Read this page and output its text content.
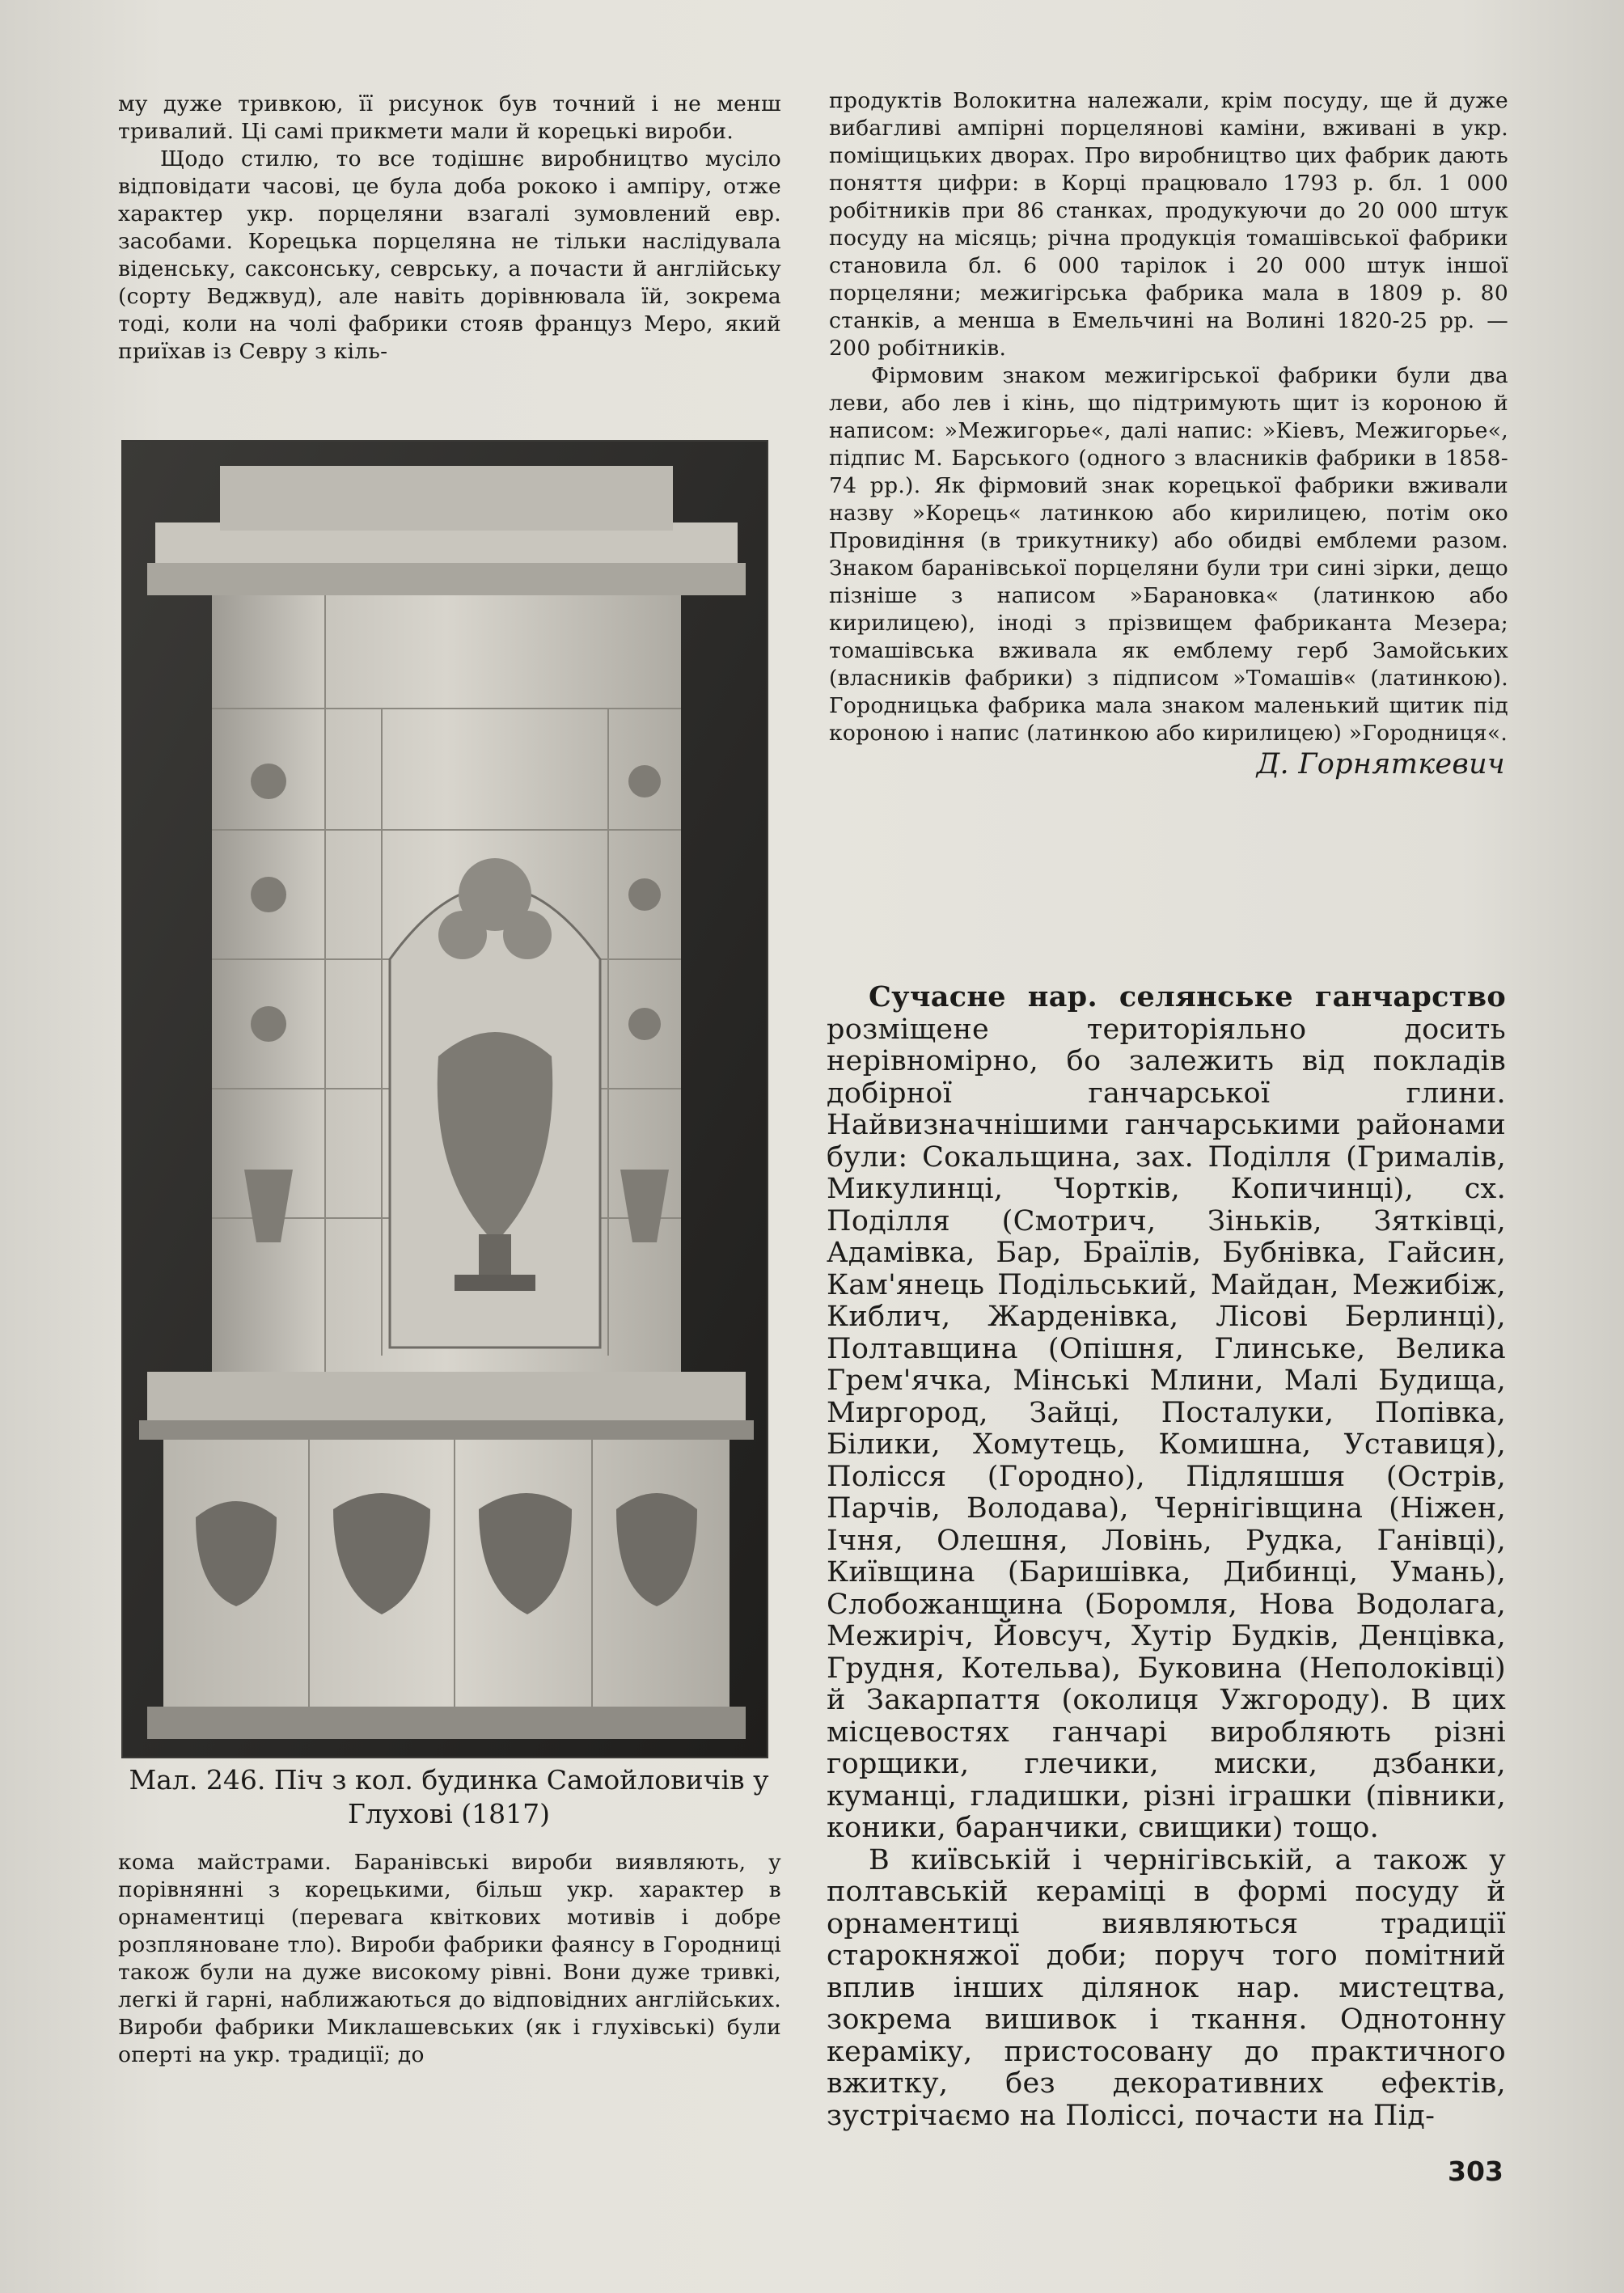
му дуже тривкою, її рисунок був точний і не менш тривалий. Ці самі прикмети мали й корецькі вироби.

Щодо стилю, то все тодішнє виробництво мусіло відповідати часові, це була доба рококо і ампіру, отже характер укр. порцеляни взагалі зумовлений евр. засобами. Корецька порцеляна не тільки наслідувала віденську, саксонську, севрську, а почасти й англійську (сорту Веджвуд), але навіть дорівнювала їй, зокрема тоді, коли на чолі фабрики стояв француз Меро, який приїхав із Севру з кіль-

Мал. 246. Піч з кол. будинка Самойловичів у Глухові (1817)

кома майстрами. Баранівські вироби виявляють, у порівнянні з корецькими, більш укр. характер в орнаментиці (перевага квіткових мотивів і добре розпляноване тло). Вироби фабрики фаянсу в Городниці також були на дуже високому рівні. Вони дуже тривкі, легкі й гарні, наближаються до відповідних англійських. Вироби фабрики Миклашевських (як і глухівські) були оперті на укр. традиції; до

продуктів Волокитна належали, крім посуду, ще й дуже вибагливі ампірні порцелянові каміни, вживані в укр. поміщицьких дворах. Про виробництво цих фабрик дають поняття цифри: в Корці працювало 1793 р. бл. 1 000 робітників при 86 станках, продукуючи до 20 000 штук посуду на місяць; річна продукція томашівської фабрики становила бл. 6 000 тарілок і 20 000 штук іншої порцеляни; межигірська фабрика мала в 1809 р. 80 станків, а менша в Емельчині на Волині 1820-25 рр. — 200 робітників.

Фірмовим знаком межигірської фабрики були два леви, або лев і кінь, що підтримують щит із короною й написом: »Межигорье«, далі напис: »Кіевъ, Межигорье«, підпис М. Барського (одного з власників фабрики в 1858-74 рр.). Як фірмовий знак корецької фабрики вживали назву »Корець« латинкою або кирилицею, потім око Провидіння (в трикутнику) або обидві емблеми разом. Знаком баранівської порцеляни були три сині зірки, дещо пізніше з написом »Барановка« (латинкою або кирилицею), іноді з прізвищем фабриканта Мезера; томашівська вживала як емблему герб Замойських (власників фабрики) з підписом »Томашів« (латинкою). Городницька фабрика мала знаком маленький щитик під короною і напис (латинкою або кирилицею) »Городниця«.

Д. Горняткевич

Сучасне нар. селянське ганчарство розміщене територіяльно досить нерівномірно, бо залежить від покладів добірної ганчарської глини. Найвизначнішими ганчарськими районами були: Сокальщина, зах. Поділля (Грималів, Микулинці, Чортків, Копичинці), сх. Поділля (Смотрич, Зіньків, Зятківці, Адамівка, Бар, Браїлів, Бубнівка, Гайсин, Кам'янець Подільський, Майдан, Межибіж, Киблич, Жарденівка, Лісові Берлинці), Полтавщина (Опішня, Глинське, Велика Грем'ячка, Мінські Млини, Малі Будища, Миргород, Зайці, Посталуки, Попівка, Білики, Хомутець, Комишна, Уставиця), Полісся (Городно), Підляшшя (Острів, Парчів, Володава), Чернігівщина (Ніжен, Ічня, Олешня, Ловінь, Рудка, Ганівці), Київщина (Баришівка, Дибинці, Умань), Слобожанщина (Боромля, Нова Водолага, Межиріч, Йовсуч, Хутір Будків, Денцівка, Грудня, Котельва), Буковина (Неполоківці) й Закарпаття (околиця Ужгороду). В цих місцевостях ганчарі виробляють різні горщики, глечики, миски, дзбанки, куманці, гладишки, різні іграшки (півники, коники, баранчики, свищики) тощо.

В київській і чернігівській, а також у полтавській кераміці в формі посуду й орнаментиці виявляються традиції старокняжої доби; поруч того помітний вплив інших ділянок нар. мистецтва, зокрема вишивок і ткання. Однотонну кераміку, пристосовану до практичного вжитку, без декоративних ефектів, зустрічаємо на Поліссі, почасти на Під-

303
